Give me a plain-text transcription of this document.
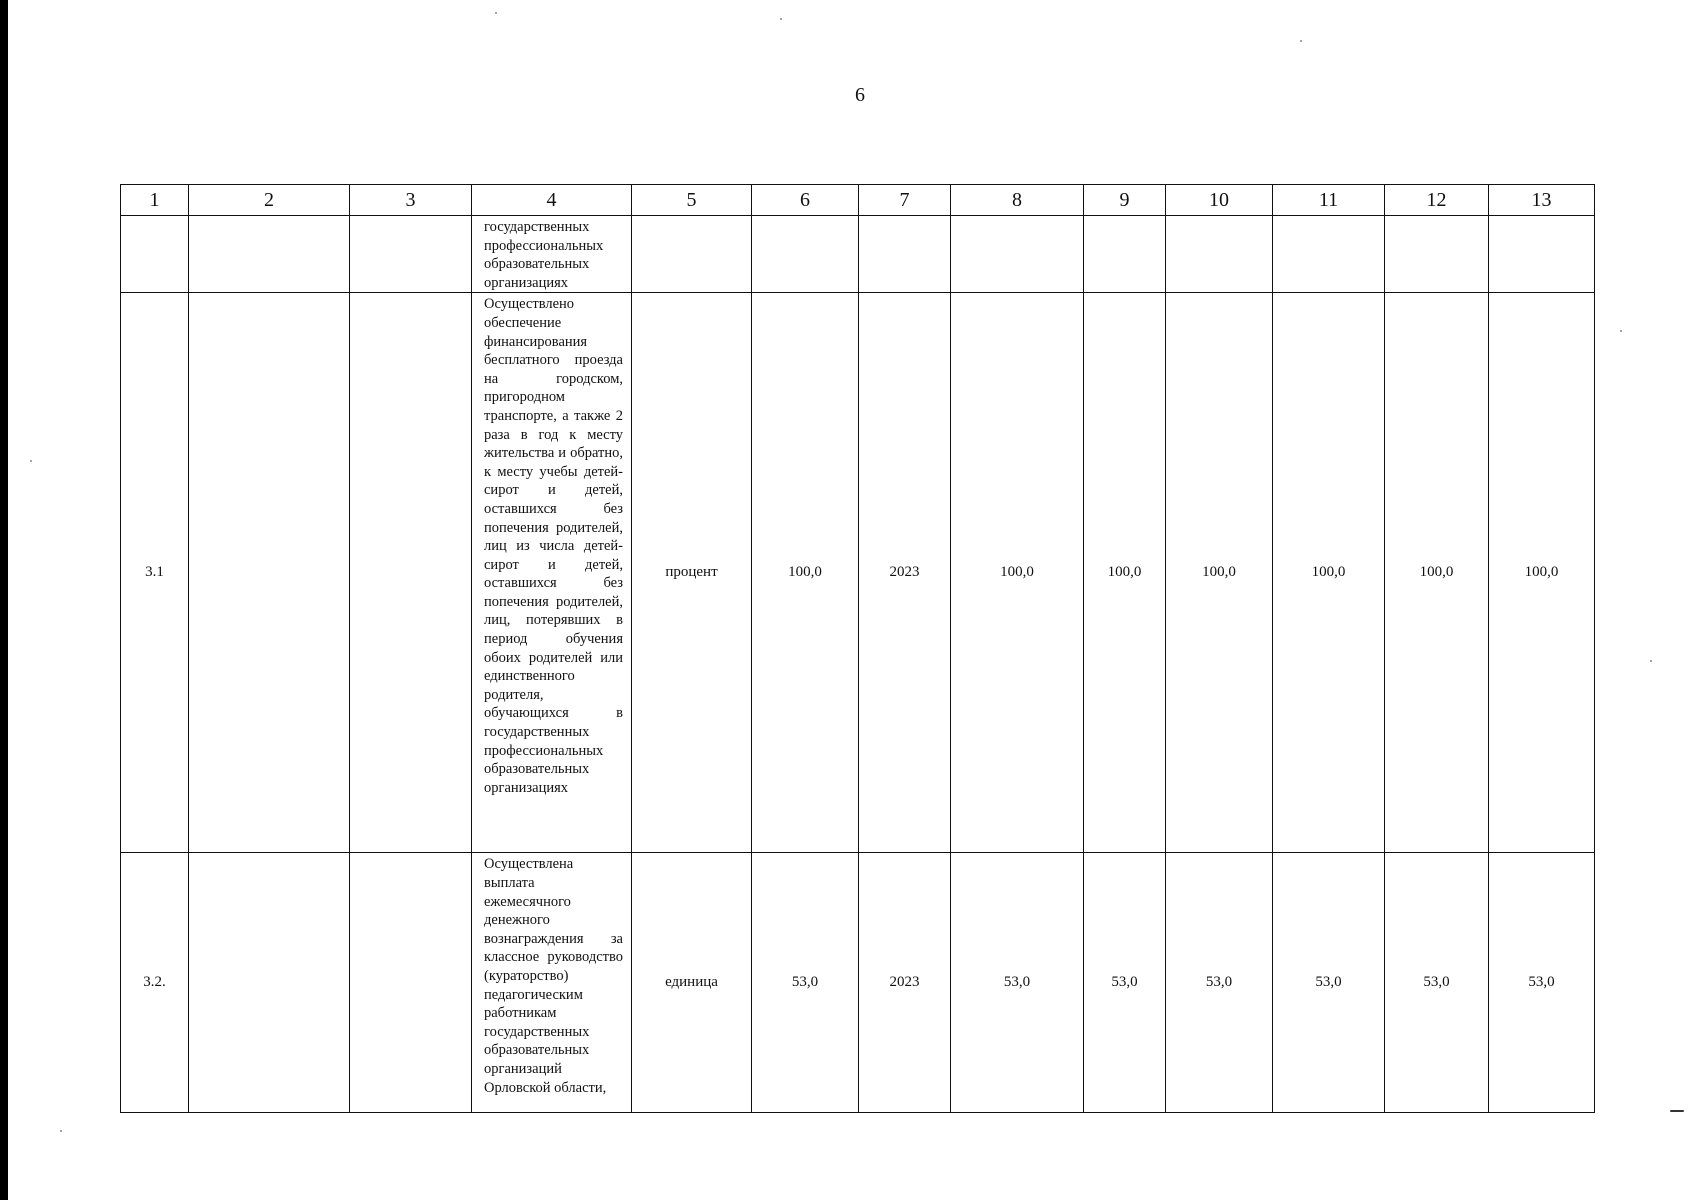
6
1	2	3	4	5	6	7	8	9	10	11	12	13
			государственных профессиональных образовательных организациях									
3.1			Осуществлено обеспечение финансирования бесплатного проезда на городском, пригородном транспорте, а также 2 раза в год к месту жительства и обратно, к месту учебы детей-сирот и детей, оставшихся без попечения родителей, лиц из числа детей-сирот и детей, оставшихся без попечения родителей, лиц, потерявших в период обучения обоих родителей или единственного родителя, обучающихся в государственных профессиональных образовательных организациях	процент	100,0	2023	100,0	100,0	100,0	100,0	100,0	100,0
3.2.			Осуществлена выплата ежемесячного денежного вознаграждения за классное руководство (кураторство) педагогическим работникам государственных образовательных организаций Орловской области,	единица	53,0	2023	53,0	53,0	53,0	53,0	53,0	53,0
